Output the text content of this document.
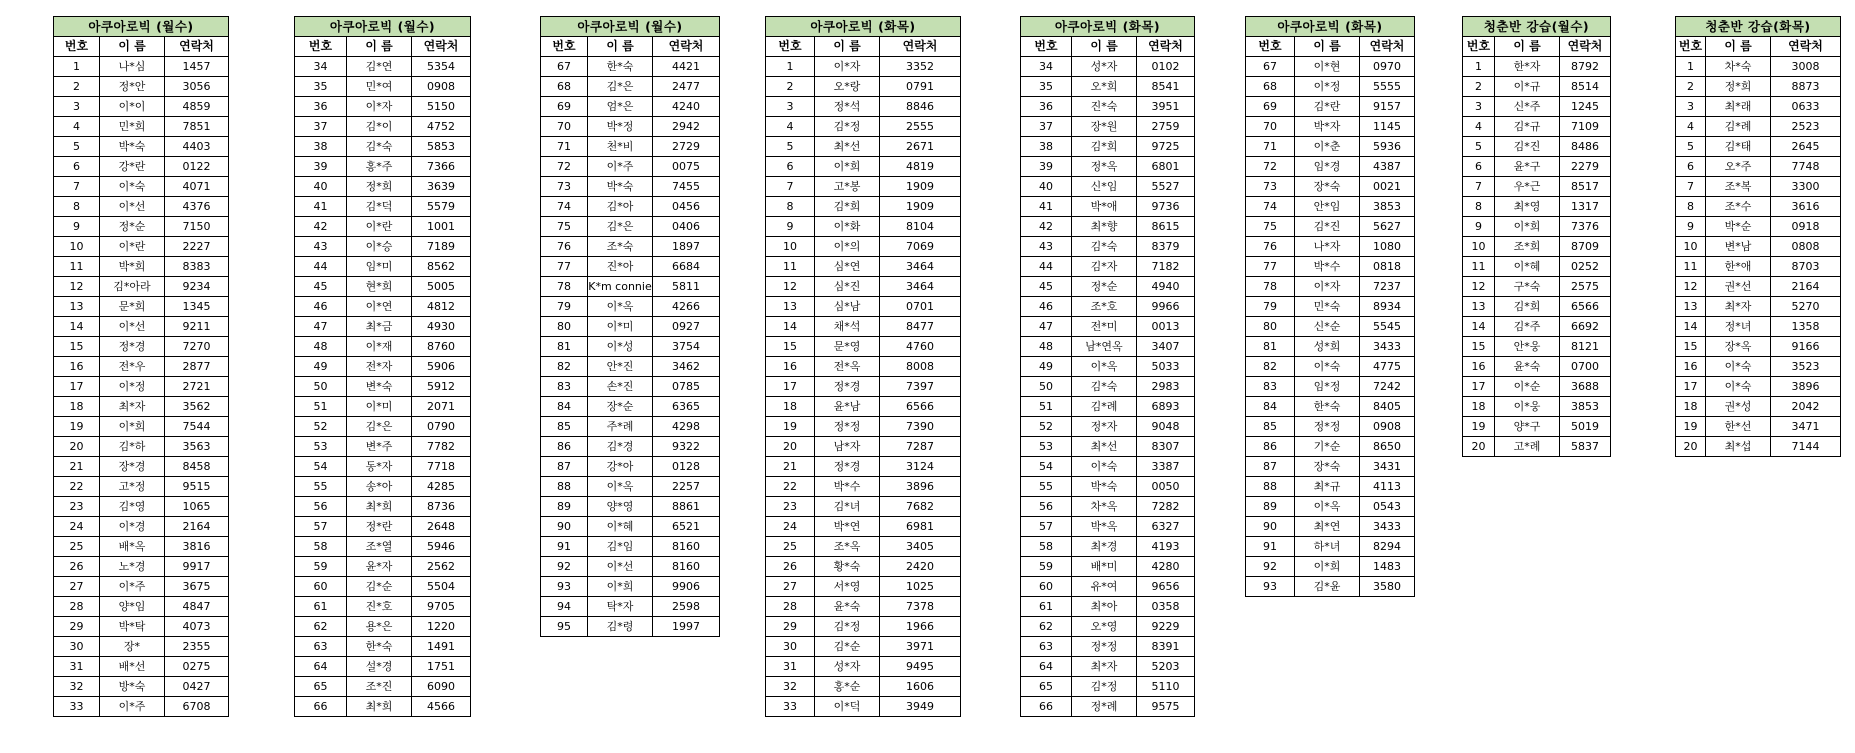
아쿠아로빅 (월수)		
번호	이 름	연락처
1	나*심	1457
2	정*안	3056
3	이*이	4859
4	민*희	7851
5	박*숙	4403
6	강*란	0122
7	이*숙	4071
8	이*선	4376
9	정*순	7150
10	이*란	2227
11	박*희	8383
12	김*아라	9234
13	문*희	1345
14	이*선	9211
15	정*경	7270
16	전*우	2877
17	이*정	2721
18	최*자	3562
19	이*희	7544
20	김*하	3563
21	장*경	8458
22	고*정	9515
23	김*영	1065
24	이*경	2164
25	배*옥	3816
26	노*경	9917
27	이*주	3675
28	양*임	4847
29	박*탁	4073
30	장*	2355
31	배*선	0275
32	방*숙	0427
33	이*주	6708
아쿠아로빅 (월수)		
번호	이 름	연락처
34	김*연	5354
35	민*여	0908
36	이*자	5150
37	김*이	4752
38	김*숙	5853
39	홍*주	7366
40	정*희	3639
41	김*덕	5579
42	이*란	1001
43	이*승	7189
44	임*미	8562
45	현*희	5005
46	이*연	4812
47	최*금	4930
48	이*재	8760
49	전*자	5906
50	변*숙	5912
51	이*미	2071
52	김*은	0790
53	변*주	7782
54	동*자	7718
55	송*아	4285
56	최*희	8736
57	정*란	2648
58	조*열	5946
59	윤*자	2562
60	김*순	5504
61	진*호	9705
62	용*은	1220
63	한*숙	1491
64	설*경	1751
65	조*진	6090
66	최*희	4566
아쿠아로빅 (월수)		
번호	이 름	연락처
67	한*숙	4421
68	김*은	2477
69	엄*은	4240
70	박*정	2942
71	천*비	2729
72	이*주	0075
73	박*숙	7455
74	김*아	0456
75	김*은	0406
76	조*숙	1897
77	진*아	6684
78	K*m connie	5811
79	이*옥	4266
80	이*미	0927
81	이*성	3754
82	안*진	3462
83	손*진	0785
84	장*순	6365
85	주*례	4298
86	김*경	9322
87	강*아	0128
88	이*옥	2257
89	양*영	8861
90	이*혜	6521
91	김*임	8160
92	이*선	8160
93	이*희	9906
94	탁*자	2598
95	김*령	1997
아쿠아로빅 (화목)		
번호	이 름	연락처
1	이*자	3352
2	오*랑	0791
3	정*석	8846
4	김*정	2555
5	최*선	2671
6	이*희	4819
7	고*봉	1909
8	김*희	1909
9	이*화	8104
10	이*의	7069
11	심*연	3464
12	심*진	3464
13	심*남	0701
14	채*석	8477
15	문*영	4760
16	전*옥	8008
17	정*경	7397
18	윤*남	6566
19	정*정	7390
20	남*자	7287
21	정*경	3124
22	박*수	3896
23	김*녀	7682
24	박*연	6981
25	조*옥	3405
26	황*숙	2420
27	서*영	1025
28	윤*숙	7378
29	김*정	1966
30	김*순	3971
31	성*자	9495
32	홍*순	1606
33	이*덕	3949
아쿠아로빅 (화목)		
번호	이 름	연락처
34	성*자	0102
35	오*희	8541
36	진*숙	3951
37	장*원	2759
38	김*희	9725
39	정*옥	6801
40	신*임	5527
41	박*애	9736
42	최*향	8615
43	김*숙	8379
44	김*자	7182
45	정*순	4940
46	조*호	9966
47	전*미	0013
48	남*연옥	3407
49	이*옥	5033
50	김*숙	2983
51	김*례	6893
52	정*자	9048
53	최*선	8307
54	이*숙	3387
55	박*숙	0050
56	차*옥	7282
57	박*옥	6327
58	최*경	4193
59	배*미	4280
60	유*여	9656
61	최*아	0358
62	오*영	9229
63	정*정	8391
64	최*자	5203
65	김*정	5110
66	정*례	9575
아쿠아로빅 (화목)		
번호	이 름	연락처
67	이*현	0970
68	이*정	5555
69	김*란	9157
70	박*자	1145
71	이*춘	5936
72	임*경	4387
73	장*숙	0021
74	안*임	3853
75	김*진	5627
76	나*자	1080
77	박*수	0818
78	이*자	7237
79	민*숙	8934
80	신*순	5545
81	성*희	3433
82	이*숙	4775
83	임*정	7242
84	한*숙	8405
85	정*정	0908
86	기*순	8650
87	장*숙	3431
88	최*규	4113
89	이*옥	0543
90	최*연	3433
91	하*녀	8294
92	이*희	1483
93	김*윤	3580
청춘반 강습(월수)		
번호	이 름	연락처
1	한*자	8792
2	이*규	8514
3	신*주	1245
4	김*규	7109
5	김*진	8486
6	윤*구	2279
7	우*근	8517
8	최*영	1317
9	이*희	7376
10	조*희	8709
11	이*혜	0252
12	구*숙	2575
13	김*희	6566
14	김*주	6692
15	안*웅	8121
16	윤*숙	0700
17	이*순	3688
18	이*웅	3853
19	양*구	5019
20	고*례	5837
청춘반 강습(화목)		
번호	이 름	연락처
1	차*숙	3008
2	정*희	8873
3	최*래	0633
4	김*례	2523
5	김*태	2645
6	오*주	7748
7	조*복	3300
8	조*수	3616
9	박*순	0918
10	변*남	0808
11	한*애	8703
12	권*선	2164
13	최*자	5270
14	정*녀	1358
15	장*옥	9166
16	이*숙	3523
17	이*숙	3896
18	권*성	2042
19	한*선	3471
20	최*섭	7144
